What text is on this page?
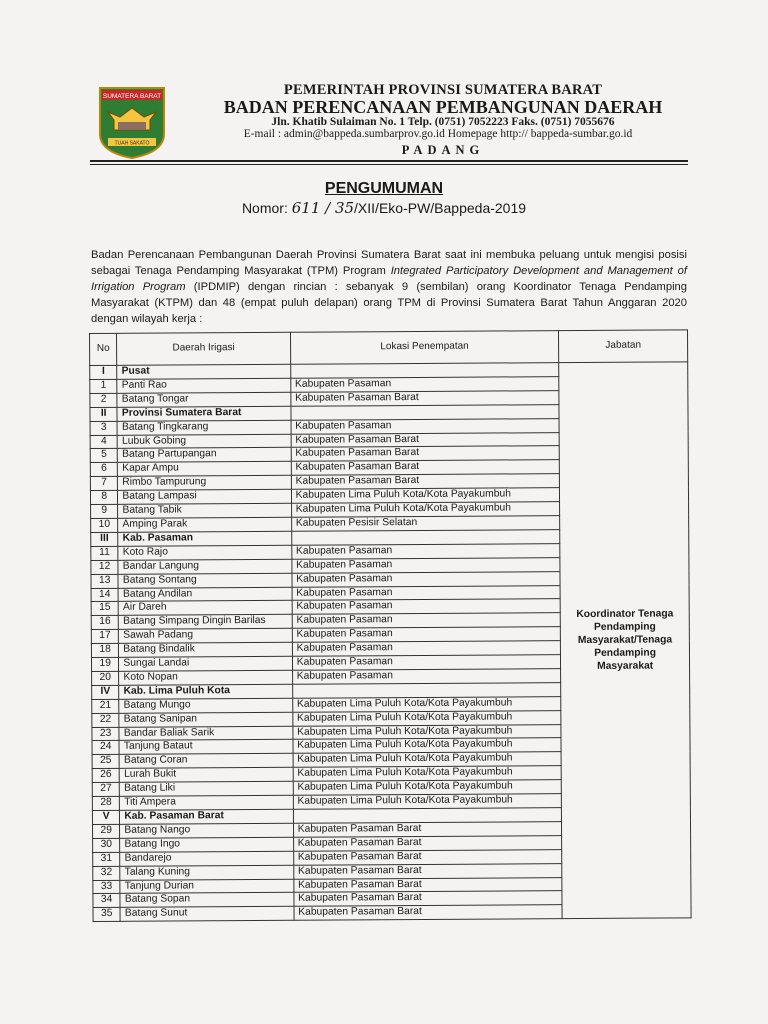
SUMATERA BARAT
TUAH SAKATO
PEMERINTAH PROVINSI SUMATERA BARAT
BADAN PERENCANAAN PEMBANGUNAN DAERAH
Jln. Khatib Sulaiman No. 1 Telp. (0751) 7052223 Faks. (0751) 7055676
E-mail : admin@bappeda.sumbarprov.go.id Homepage http:// bappeda-sumbar.go.id
PADANG
PENGUMUMAN
Nomor: 611 / 35/XII/Eko-PW/Bappeda-2019
Badan Perencanaan Pembangunan Daerah Provinsi Sumatera Barat saat ini membuka peluang untuk mengisi posisi sebagai Tenaga Pendamping Masyarakat (TPM) Program Integrated Participatory Development and Management of Irrigation Program (IPDMIP) dengan rincian : sebanyak 9 (sembilan) orang Koordinator Tenaga Pendamping Masyarakat (KTPM) dan 48 (empat puluh delapan) orang TPM di Provinsi Sumatera Barat Tahun Anggaran 2020 dengan wilayah kerja :
No	Daerah Irigasi	Lokasi Penempatan	Jabatan
I	Pusat		Koordinator Tenaga Pendamping Masyarakat/Tenaga Pendamping Masyarakat
1	Panti Rao	Kabupaten Pasaman	
2	Batang Tongar	Kabupaten Pasaman Barat	
II	Provinsi Sumatera Barat		
3	Batang Tingkarang	Kabupaten Pasaman	
4	Lubuk Gobing	Kabupaten Pasaman Barat	
5	Batang Partupangan	Kabupaten Pasaman Barat	
6	Kapar Ampu	Kabupaten Pasaman Barat	
7	Rimbo Tampurung	Kabupaten Pasaman Barat	
8	Batang Lampasi	Kabupaten Lima Puluh Kota/Kota Payakumbuh	
9	Batang Tabik	Kabupaten Lima Puluh Kota/Kota Payakumbuh	
10	Amping Parak	Kabupaten Pesisir Selatan	
III	Kab. Pasaman		
11	Koto Rajo	Kabupaten Pasaman	
12	Bandar Langung	Kabupaten Pasaman	
13	Batang Sontang	Kabupaten Pasaman	
14	Batang Andilan	Kabupaten Pasaman	
15	Air Dareh	Kabupaten Pasaman	
16	Batang Simpang Dingin Barilas	Kabupaten Pasaman	
17	Sawah Padang	Kabupaten Pasaman	
18	Batang Bindalik	Kabupaten Pasaman	
19	Sungai Landai	Kabupaten Pasaman	
20	Koto Nopan	Kabupaten Pasaman	
IV	Kab. Lima Puluh Kota		
21	Batang Mungo	Kabupaten Lima Puluh Kota/Kota Payakumbuh	
22	Batang Sanipan	Kabupaten Lima Puluh Kota/Kota Payakumbuh	
23	Bandar Baliak Sarik	Kabupaten Lima Puluh Kota/Kota Payakumbuh	
24	Tanjung Bataut	Kabupaten Lima Puluh Kota/Kota Payakumbuh	
25	Batang Coran	Kabupaten Lima Puluh Kota/Kota Payakumbuh	
26	Lurah Bukit	Kabupaten Lima Puluh Kota/Kota Payakumbuh	
27	Batang Liki	Kabupaten Lima Puluh Kota/Kota Payakumbuh	
28	Titi Ampera	Kabupaten Lima Puluh Kota/Kota Payakumbuh	
V	Kab. Pasaman Barat		
29	Batang Nango	Kabupaten Pasaman Barat	
30	Batang Ingo	Kabupaten Pasaman Barat	
31	Bandarejo	Kabupaten Pasaman Barat	
32	Talang Kuning	Kabupaten Pasaman Barat	
33	Tanjung Durian	Kabupaten Pasaman Barat	
34	Batang Sopan	Kabupaten Pasaman Barat	
35	Batang Sunut	Kabupaten Pasaman Barat	
